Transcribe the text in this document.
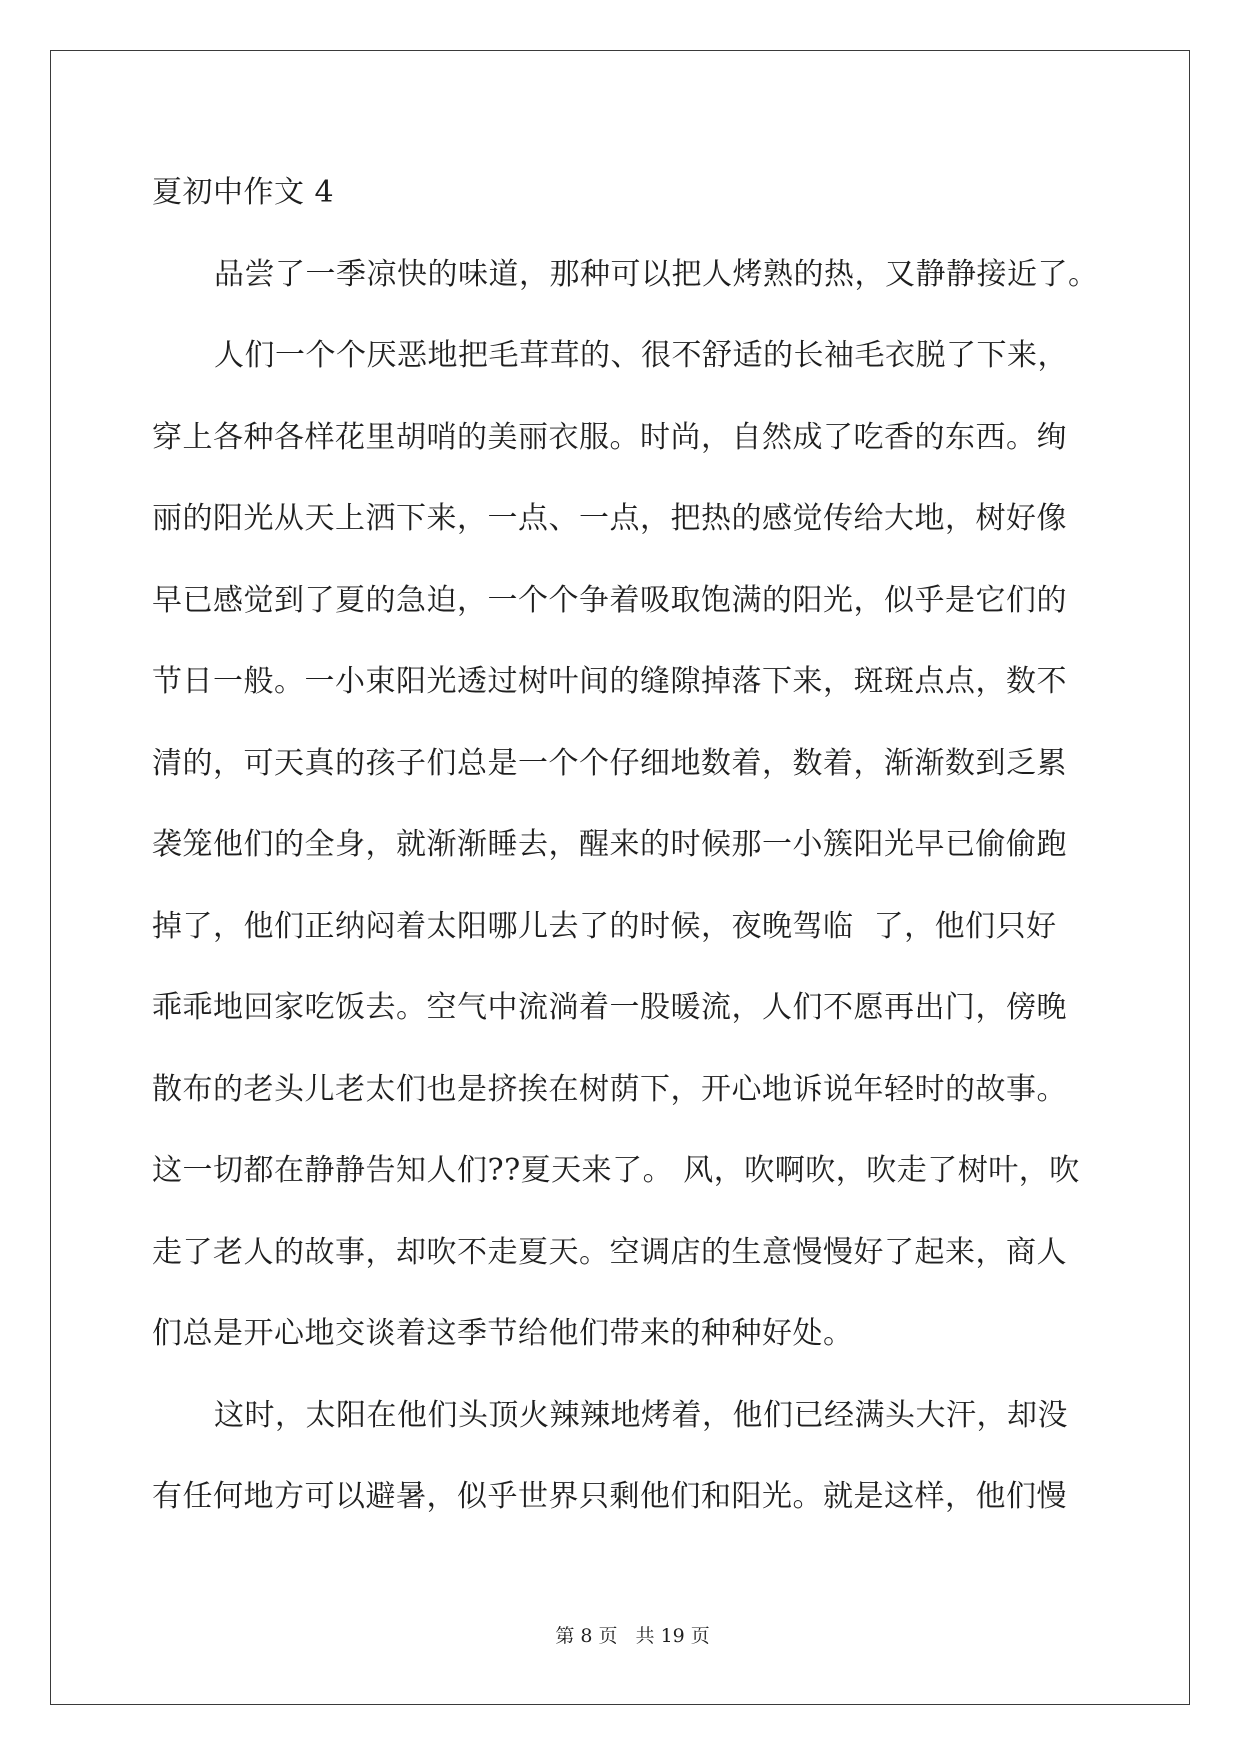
夏初中作文 4
品尝了一季凉快的味道，那种可以把人烤熟的热，又静静接近了。
人们一个个厌恶地把毛茸茸的、很不舒适的长袖毛衣脱了下来，
穿上各种各样花里胡哨的美丽衣服。时尚，自然成了吃香的东西。绚
丽的阳光从天上洒下来，一点、一点，把热的感觉传给大地，树好像
早已感觉到了夏的急迫，一个个争着吸取饱满的阳光，似乎是它们的
节日一般。一小束阳光透过树叶间的缝隙掉落下来，斑斑点点，数不
清的，可天真的孩子们总是一个个仔细地数着，数着，渐渐数到乏累
袭笼他们的全身，就渐渐睡去，醒来的时候那一小簇阳光早已偷偷跑
掉了，他们正纳闷着太阳哪儿去了的时候，夜晚驾临  了，他们只好
乖乖地回家吃饭去。空气中流淌着一股暖流，人们不愿再出门，傍晚
散布的老头儿老太们也是挤挨在树荫下，开心地诉说年轻时的故事。
这一切都在静静告知人们??夏天来了。 风，吹啊吹，吹走了树叶，吹
走了老人的故事，却吹不走夏天。空调店的生意慢慢好了起来，商人
们总是开心地交谈着这季节给他们带来的种种好处。
这时，太阳在他们头顶火辣辣地烤着，他们已经满头大汗，却没
有任何地方可以避暑，似乎世界只剩他们和阳光。就是这样，他们慢

第 8 页 共 19 页
